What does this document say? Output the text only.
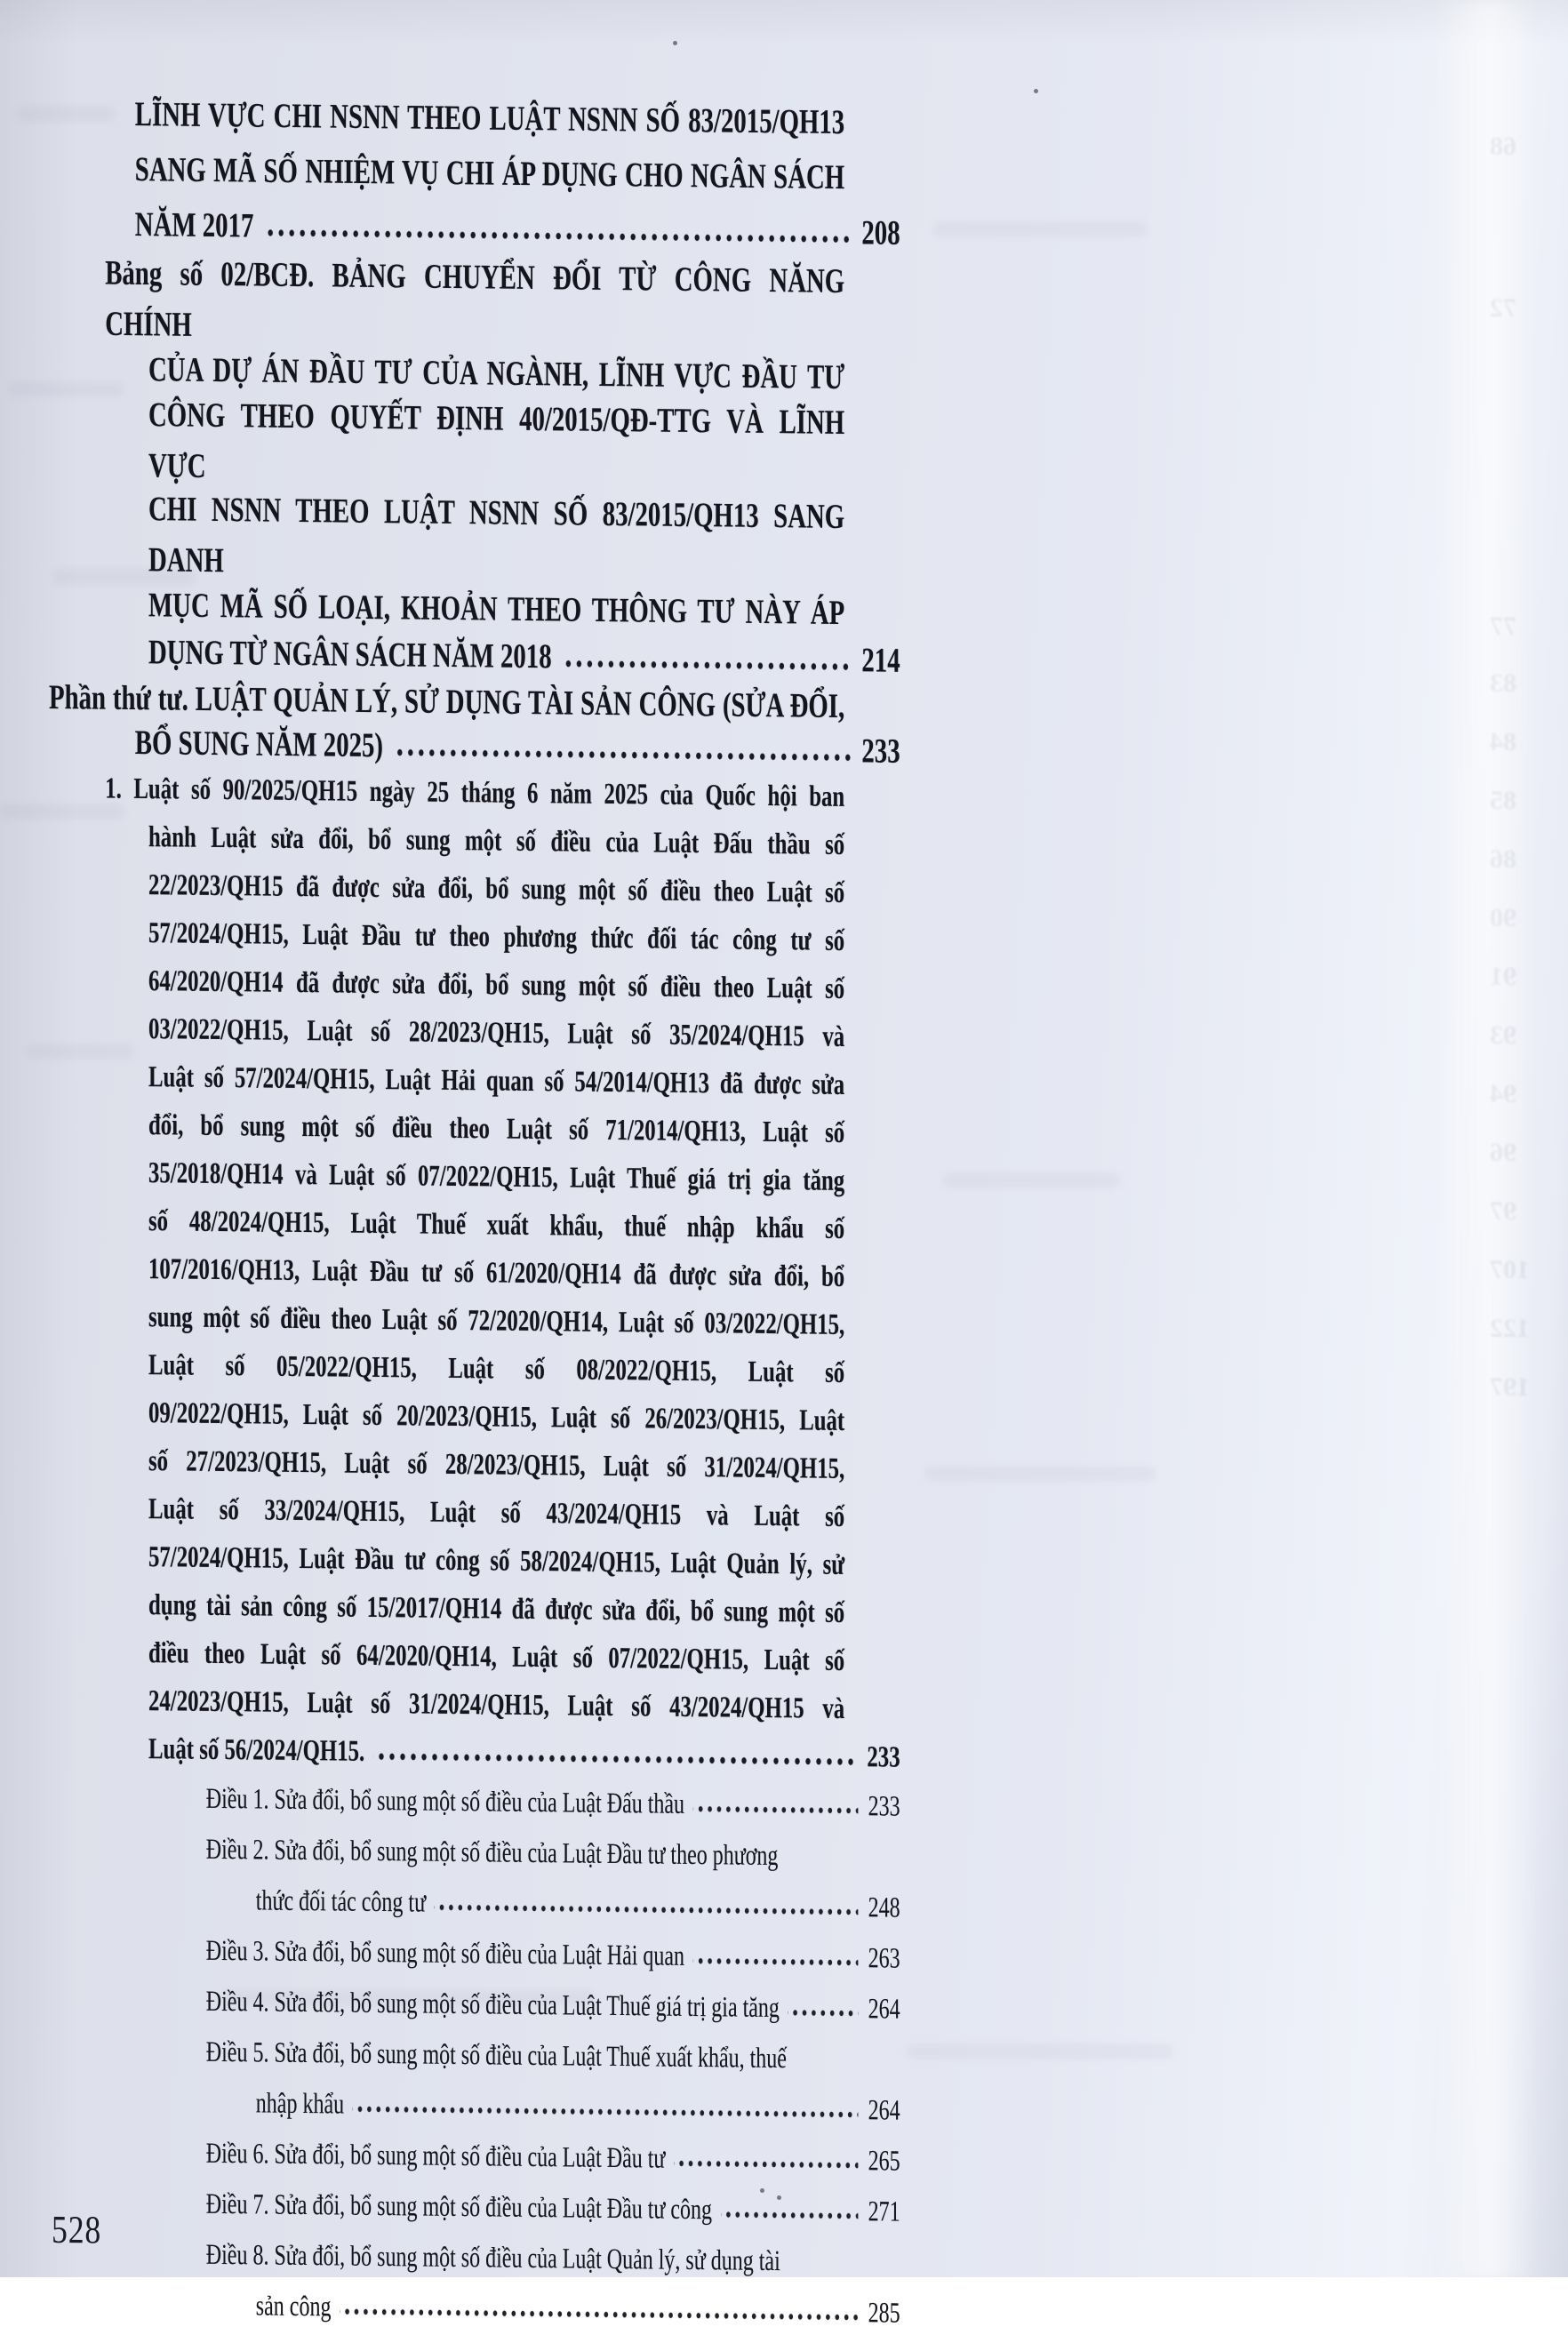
LĨNH VỰC CHI NSNN THEO LUẬT NSNN SỐ 83/2015/QH13
SANG MÃ SỐ NHIỆM VỤ CHI ÁP DỤNG CHO NGÂN SÁCH
NĂM 2017	208
Bảng số 02/BCĐ. BẢNG CHUYỂN ĐỔI TỪ CÔNG NĂNG CHÍNH
CỦA DỰ ÁN ĐẦU TƯ CỦA NGÀNH, LĨNH VỰC ĐẦU TƯ
CÔNG THEO QUYẾT ĐỊNH 40/2015/QĐ-TTG VÀ LĨNH VỰC
CHI NSNN THEO LUẬT NSNN SỐ 83/2015/QH13 SANG DANH
MỤC MÃ SỐ LOẠI, KHOẢN THEO THÔNG TƯ NÀY ÁP
DỤNG TỪ NGÂN SÁCH NĂM 2018	214
Phần thứ tư. LUẬT QUẢN LÝ, SỬ DỤNG TÀI SẢN CÔNG (SỬA ĐỔI,
BỔ SUNG NĂM 2025)	233
1. Luật số 90/2025/QH15 ngày 25 tháng 6 năm 2025 của Quốc hội ban
hành Luật sửa đổi, bổ sung một số điều của Luật Đấu thầu số
22/2023/QH15 đã được sửa đổi, bổ sung một số điều theo Luật số
57/2024/QH15, Luật Đầu tư theo phương thức đối tác công tư số
64/2020/QH14 đã được sửa đổi, bổ sung một số điều theo Luật số
03/2022/QH15, Luật số 28/2023/QH15, Luật số 35/2024/QH15 và
Luật số 57/2024/QH15, Luật Hải quan số 54/2014/QH13 đã được sửa
đổi, bổ sung một số điều theo Luật số 71/2014/QH13, Luật số
35/2018/QH14 và Luật số 07/2022/QH15, Luật Thuế giá trị gia tăng
số 48/2024/QH15, Luật Thuế xuất khẩu, thuế nhập khẩu số
107/2016/QH13, Luật Đầu tư số 61/2020/QH14 đã được sửa đổi, bổ
sung một số điều theo Luật số 72/2020/QH14, Luật số 03/2022/QH15,
Luật số 05/2022/QH15, Luật số 08/2022/QH15, Luật số
09/2022/QH15, Luật số 20/2023/QH15, Luật số 26/2023/QH15, Luật
số 27/2023/QH15, Luật số 28/2023/QH15, Luật số 31/2024/QH15,
Luật số 33/2024/QH15, Luật số 43/2024/QH15 và Luật số
57/2024/QH15, Luật Đầu tư công số 58/2024/QH15, Luật Quản lý, sử
dụng tài sản công số 15/2017/QH14 đã được sửa đổi, bổ sung một số
điều theo Luật số 64/2020/QH14, Luật số 07/2022/QH15, Luật số
24/2023/QH15, Luật số 31/2024/QH15, Luật số 43/2024/QH15 và
Luật số 56/2024/QH15.	233
Điều 1. Sửa đổi, bổ sung một số điều của Luật Đấu thầu	233
Điều 2. Sửa đổi, bổ sung một số điều của Luật Đầu tư theo phương
thức đối tác công tư	248
Điều 3. Sửa đổi, bổ sung một số điều của Luật Hải quan	263
Điều 4. Sửa đổi, bổ sung một số điều của Luật Thuế giá trị gia tăng	264
Điều 5. Sửa đổi, bổ sung một số điều của Luật Thuế xuất khẩu, thuế
nhập khẩu	264
Điều 6. Sửa đổi, bổ sung một số điều của Luật Đầu tư	265
Điều 7. Sửa đổi, bổ sung một số điều của Luật Đầu tư công	271
Điều 8. Sửa đổi, bổ sung một số điều của Luật Quản lý, sử dụng tài
sản công	285
528
68
72
77
83
84
85
86
90
91
93
94
96
97
107
122
197
